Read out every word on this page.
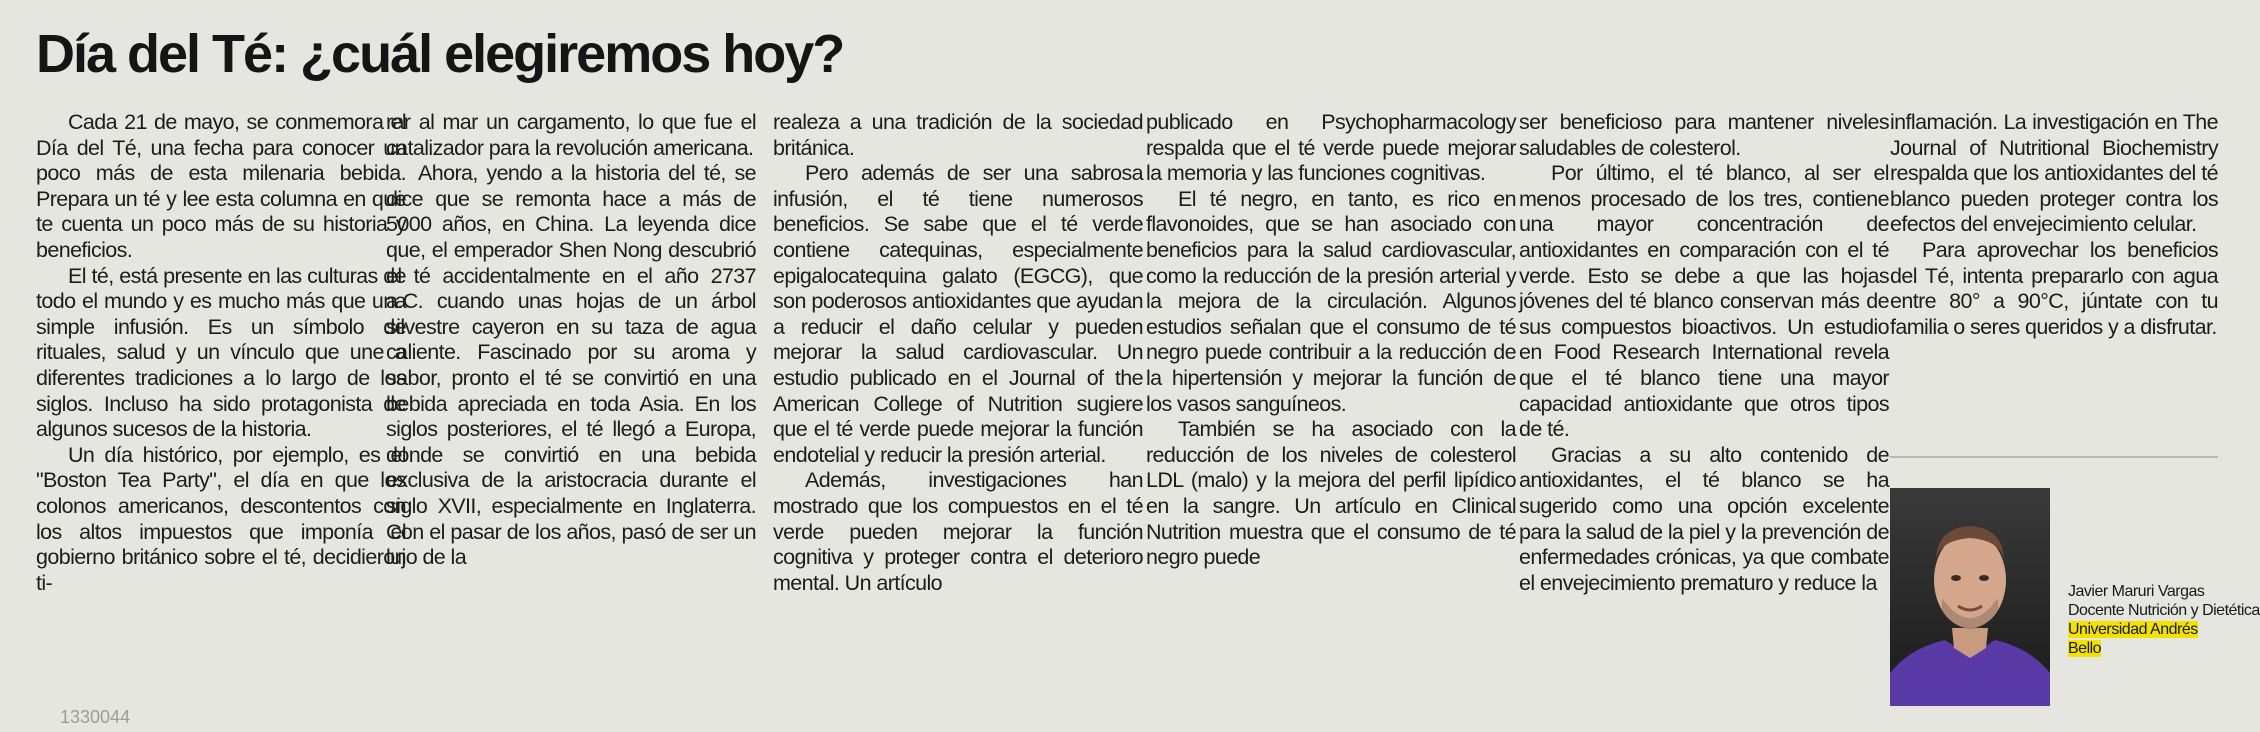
Día del Té: ¿cuál elegiremos hoy?

Cada 21 de mayo, se conmemora el Día del Té, una fecha para conocer un poco más de esta milenaria bebida. Prepara un té y lee esta columna en que te cuenta un poco más de su historia y beneficios.

El té, está presente en las culturas de todo el mundo y es mucho más que una simple infusión. Es un símbolo de rituales, salud y un vínculo que une a diferentes tradiciones a lo largo de los siglos. Incluso ha sido protagonista de algunos sucesos de la historia.

Un día histórico, por ejemplo, es el "Boston Tea Party", el día en que los colonos americanos, descontentos con los altos impuestos que imponía el gobierno británico sobre el té, decidieron ti-

rar al mar un cargamento, lo que fue el catalizador para la revolución americana.

Ahora, yendo a la historia del té, se dice que se remonta hace a más de 5000 años, en China. La leyenda dice que, el emperador Shen Nong descubrió el té accidentalmente en el año 2737 a.C. cuando unas hojas de un árbol silvestre cayeron en su taza de agua caliente. Fascinado por su aroma y sabor, pronto el té se convirtió en una bebida apreciada en toda Asia. En los siglos posteriores, el té llegó a Europa, donde se convirtió en una bebida exclusiva de la aristocracia durante el siglo XVII, especialmente en Inglaterra. Con el pasar de los años, pasó de ser un lujo de la

realeza a una tradición de la sociedad británica.

Pero además de ser una sabrosa infusión, el té tiene numerosos beneficios. Se sabe que el té verde contiene catequinas, especialmente epigalocatequina galato (EGCG), que son poderosos antioxidantes que ayudan a reducir el daño celular y pueden mejorar la salud cardiovascular. Un estudio publicado en el Journal of the American College of Nutrition sugiere que el té verde puede mejorar la función endotelial y reducir la presión arterial.

Además, investigaciones han mostrado que los compuestos en el té verde pueden mejorar la función cognitiva y proteger contra el deterioro mental. Un artículo

publicado en Psychopharmacology respalda que el té verde puede mejorar la memoria y las funciones cognitivas.

El té negro, en tanto, es rico en flavonoides, que se han asociado con beneficios para la salud cardiovascular, como la reducción de la presión arterial y la mejora de la circulación. Algunos estudios señalan que el consumo de té negro puede contribuir a la reducción de la hipertensión y mejorar la función de los vasos sanguíneos.

También se ha asociado con la reducción de los niveles de colesterol LDL (malo) y la mejora del perfil lipídico en la sangre. Un artículo en Clinical Nutrition muestra que el consumo de té negro puede

ser beneficioso para mantener niveles saludables de colesterol.

Por último, el té blanco, al ser el menos procesado de los tres, contiene una mayor concentración de antioxidantes en comparación con el té verde. Esto se debe a que las hojas jóvenes del té blanco conservan más de sus compuestos bioactivos. Un estudio en Food Research International revela que el té blanco tiene una mayor capacidad antioxidante que otros tipos de té.

Gracias a su alto contenido de antioxidantes, el té blanco se ha sugerido como una opción excelente para la salud de la piel y la prevención de enfermedades crónicas, ya que combate el envejecimiento prematuro y reduce la

inflamación. La investigación en The Journal of Nutritional Biochemistry respalda que los antioxidantes del té blanco pueden proteger contra los efectos del envejecimiento celular.

Para aprovechar los beneficios del Té, intenta prepararlo con agua entre 80° a 90°C, júntate con tu familia o seres queridos y a disfrutar.

Javier Maruri Vargas
Docente Nutrición y Dietética
Universidad Andrés
Bello
1330044
